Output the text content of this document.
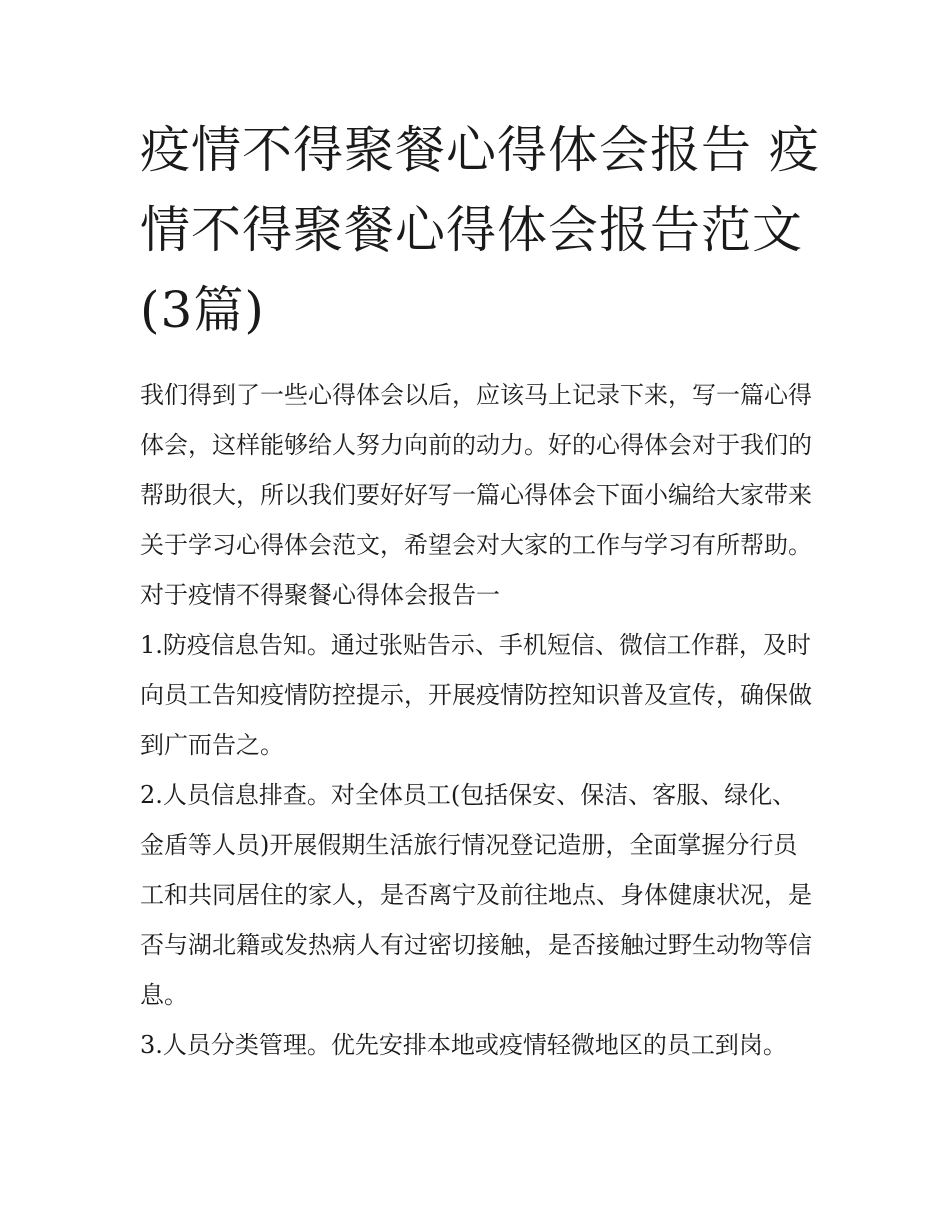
疫情不得聚餐心得体会报告 疫情不得聚餐心得体会报告范文(3篇)

我们得到了一些心得体会以后，应该马上记录下来，写一篇心得体会，这样能够给人努力向前的动力。好的心得体会对于我们的帮助很大，所以我们要好好写一篇心得体会下面小编给大家带来关于学习心得体会范文，希望会对大家的工作与学习有所帮助。

对于疫情不得聚餐心得体会报告一

1.防疫信息告知。通过张贴告示、手机短信、微信工作群，及时向员工告知疫情防控提示，开展疫情防控知识普及宣传，确保做到广而告之。

2.人员信息排查。对全体员工(包括保安、保洁、客服、绿化、金盾等人员)开展假期生活旅行情况登记造册，全面掌握分行员工和共同居住的家人，是否离宁及前往地点、身体健康状况，是否与湖北籍或发热病人有过密切接触，是否接触过野生动物等信息。

3.人员分类管理。优先安排本地或疫情轻微地区的员工到岗。
